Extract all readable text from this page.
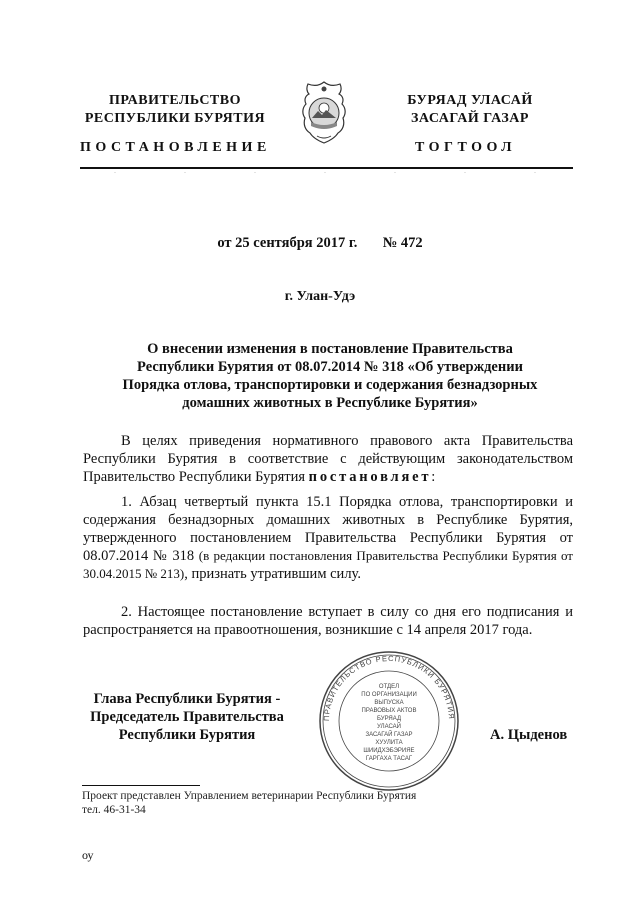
ПРАВИТЕЛЬСТВО
РЕСПУБЛИКИ БУРЯТИЯ
БУРЯАД УЛАСАЙ
ЗАСАГАЙ ГАЗАР
ПОСТАНОВЛЕНИЕ	ТОГТООЛ
от 25 сентября 2017 г. № 472
г. Улан-Удэ
О внесении изменения в постановление Правительства
Республики Бурятия от 08.07.2014 № 318 «Об утверждении
Порядка отлова, транспортировки и содержания безнадзорных
домашних животных в Республике Бурятия»

В целях приведения нормативного правового акта Правительства Республики Бурятия в соответствие с действующим законодательством Правительство Республики Бурятия постановляет:

1. Абзац четвертый пункта 15.1 Порядка отлова, транспортировки и содержания безнадзорных домашних животных в Республике Бурятия, утвержденного постановлением Правительства Республики Бурятия от 08.07.2014 № 318 (в редакции постановления Правительства Республики Бурятия от 30.04.2015 № 213), признать утратившим силу.

2. Настоящее постановление вступает в силу со дня его подписания и распространяется на правоотношения, возникшие с 14 апреля 2017 года.

Глава Республики Бурятия -
Председатель Правительства
Республики Бурятия
ПРАВИТЕЛЬСТВО РЕСПУБЛИКИ БУРЯТИЯ
ОТДЕЛ
ПО ОРГАНИЗАЦИИ
ВЫПУСКА
ПРАВОВЫХ АКТОВ
БУРЯАД
УЛАСАЙ
ЗАСАГАЙ ГАЗАР
ХУУЛИТА
ШИИДХЭБЭРИЯЕ
ГАРГАХА ТАСАГ
А. Цыденов
Проект представлен Управлением ветеринарии Республики Бурятия
тел. 46-31-34
оу
